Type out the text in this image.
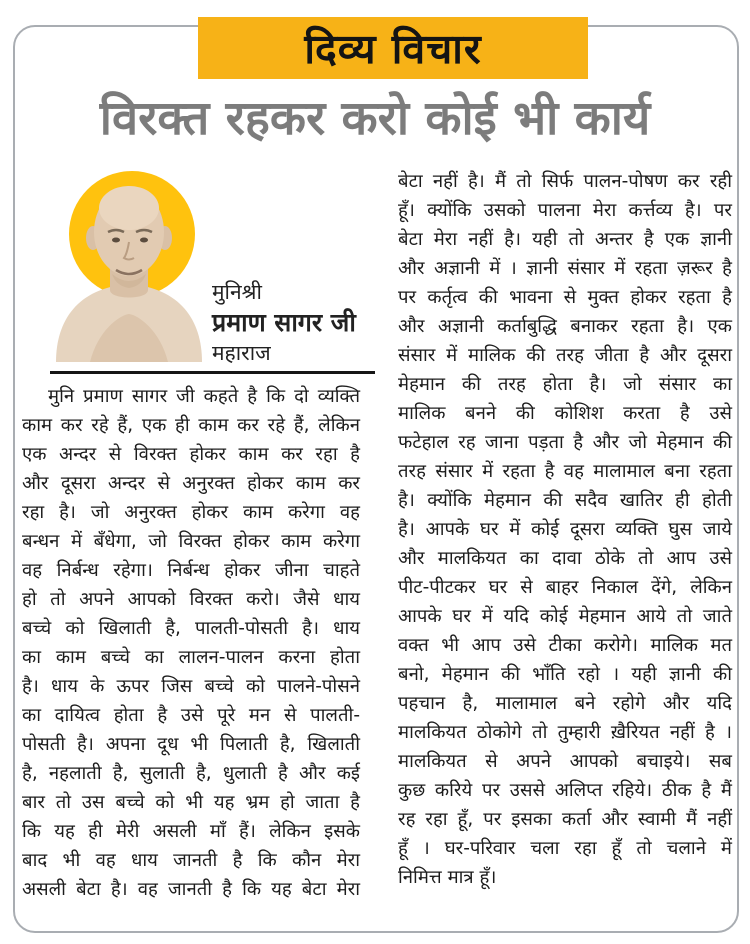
दिव्य विचार
विरक्त रहकर करो कोई भी कार्य
मुनिश्री
प्रमाण सागर जी
महाराज
मुनि प्रमाण सागर जी कहते है कि दो व्यक्ति
काम कर रहे हैं, एक ही काम कर रहे हैं, लेकिन
एक अन्दर से विरक्त होकर काम कर रहा है
और दूसरा अन्दर से अनुरक्त होकर काम कर
रहा है। जो अनुरक्त होकर काम करेगा वह
बन्धन में बँधेगा, जो विरक्त होकर काम करेगा
वह निर्बन्ध रहेगा। निर्बन्ध होकर जीना चाहते
हो तो अपने आपको विरक्त करो। जैसे धाय
बच्चे को खिलाती है, पालती-पोसती है। धाय
का काम बच्चे का लालन-पालन करना होता
है। धाय के ऊपर जिस बच्चे को पालने-पोसने
का दायित्व होता है उसे पूरे मन से पालती-
पोसती है। अपना दूध भी पिलाती है, खिलाती
है, नहलाती है, सुलाती है, धुलाती है और कई
बार तो उस बच्चे को भी यह भ्रम हो जाता है
कि यह ही मेरी असली माँ हैं। लेकिन इसके
बाद भी वह धाय जानती है कि कौन मेरा
असली बेटा है। वह जानती है कि यह बेटा मेरा
बेटा नहीं है। मैं तो सिर्फ पालन-पोषण कर रही
हूँ। क्योंकि उसको पालना मेरा कर्त्तव्य है। पर
बेटा मेरा नहीं है। यही तो अन्तर है एक ज्ञानी
और अज्ञानी में । ज्ञानी संसार में रहता ज़रूर है
पर कर्तृत्व की भावना से मुक्त होकर रहता है
और अज्ञानी कर्ताबुद्धि बनाकर रहता है। एक
संसार में मालिक की तरह जीता है और दूसरा
मेहमान की तरह होता है। जो संसार का
मालिक बनने की कोशिश करता है उसे
फटेहाल रह जाना पड़ता है और जो मेहमान की
तरह संसार में रहता है वह मालामाल बना रहता
है। क्योंकि मेहमान की सदैव खातिर ही होती
है। आपके घर में कोई दूसरा व्यक्ति घुस जाये
और मालकियत का दावा ठोके तो आप उसे
पीट-पीटकर घर से बाहर निकाल देंगे, लेकिन
आपके घर में यदि कोई मेहमान आये तो जाते
वक्त भी आप उसे टीका करोगे। मालिक मत
बनो, मेहमान की भाँति रहो । यही ज्ञानी की
पहचान है, मालामाल बने रहोगे और यदि
मालकियत ठोकोगे तो तुम्हारी ख़ैरियत नहीं है ।
मालकियत से अपने आपको बचाइये। सब
कुछ करिये पर उससे अलिप्त रहिये। ठीक है मैं
रह रहा हूँ, पर इसका कर्ता और स्वामी मैं नहीं
हूँ । घर-परिवार चला रहा हूँ तो चलाने में
निमित्त मात्र हूँ।
